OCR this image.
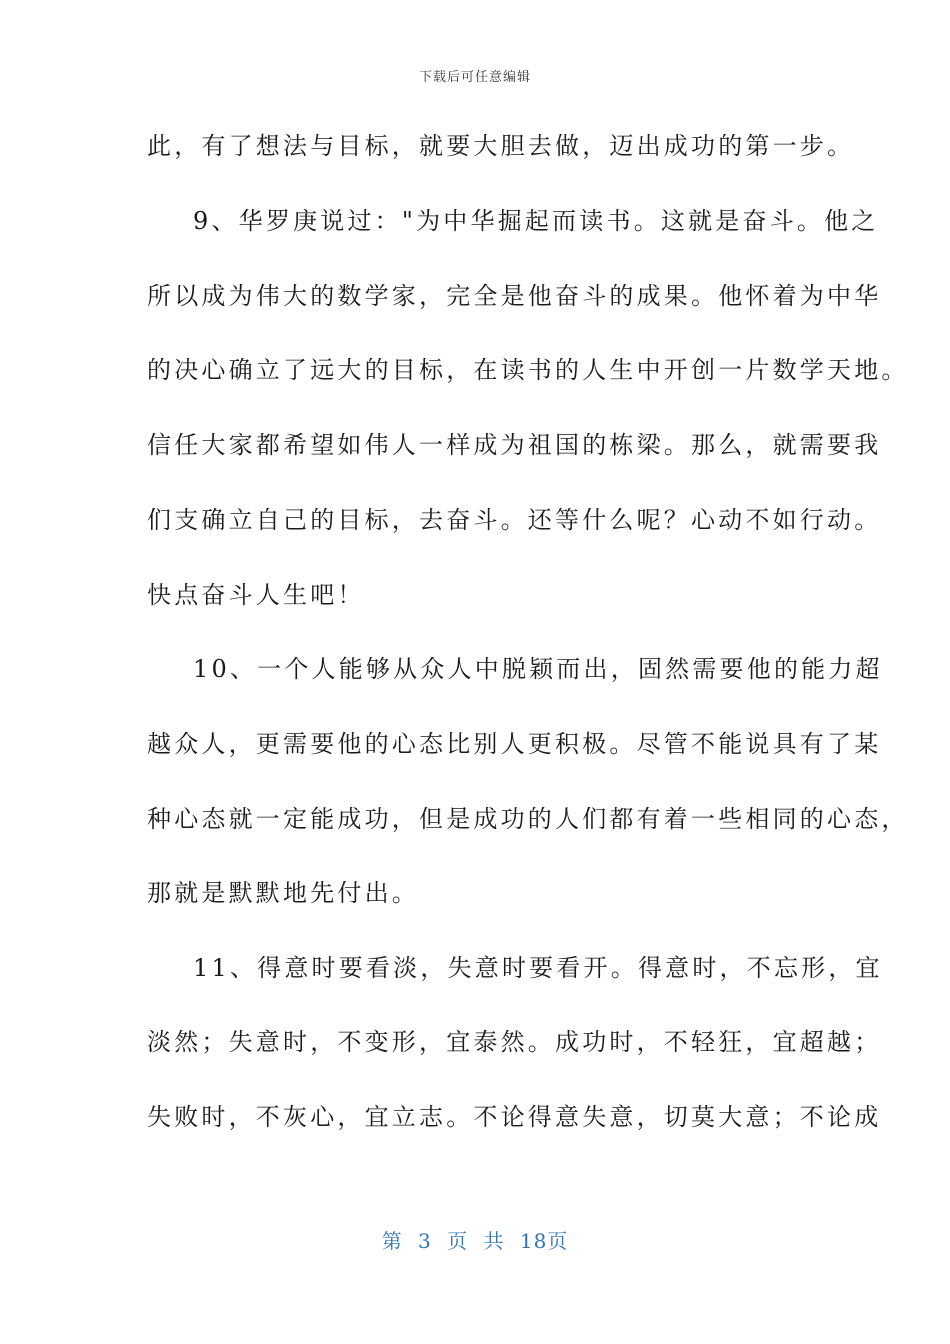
下载后可任意编辑
此，有了想法与目标，就要大胆去做，迈出成功的第一步。
9、华罗庚说过："为中华掘起而读书。这就是奋斗。他之
所以成为伟大的数学家，完全是他奋斗的成果。他怀着为中华
的决心确立了远大的目标，在读书的人生中开创一片数学天地。
信任大家都希望如伟人一样成为祖国的栋梁。那么，就需要我
们支确立自己的目标，去奋斗。还等什么呢？心动不如行动。
快点奋斗人生吧！
10、一个人能够从众人中脱颖而出，固然需要他的能力超
越众人，更需要他的心态比别人更积极。尽管不能说具有了某
种心态就一定能成功，但是成功的人们都有着一些相同的心态，
那就是默默地先付出。
11、得意时要看淡，失意时要看开。得意时，不忘形，宜
淡然；失意时，不变形，宜泰然。成功时，不轻狂，宜超越；
失败时，不灰心，宜立志。不论得意失意，切莫大意；不论成
第 3 页 共 18页
